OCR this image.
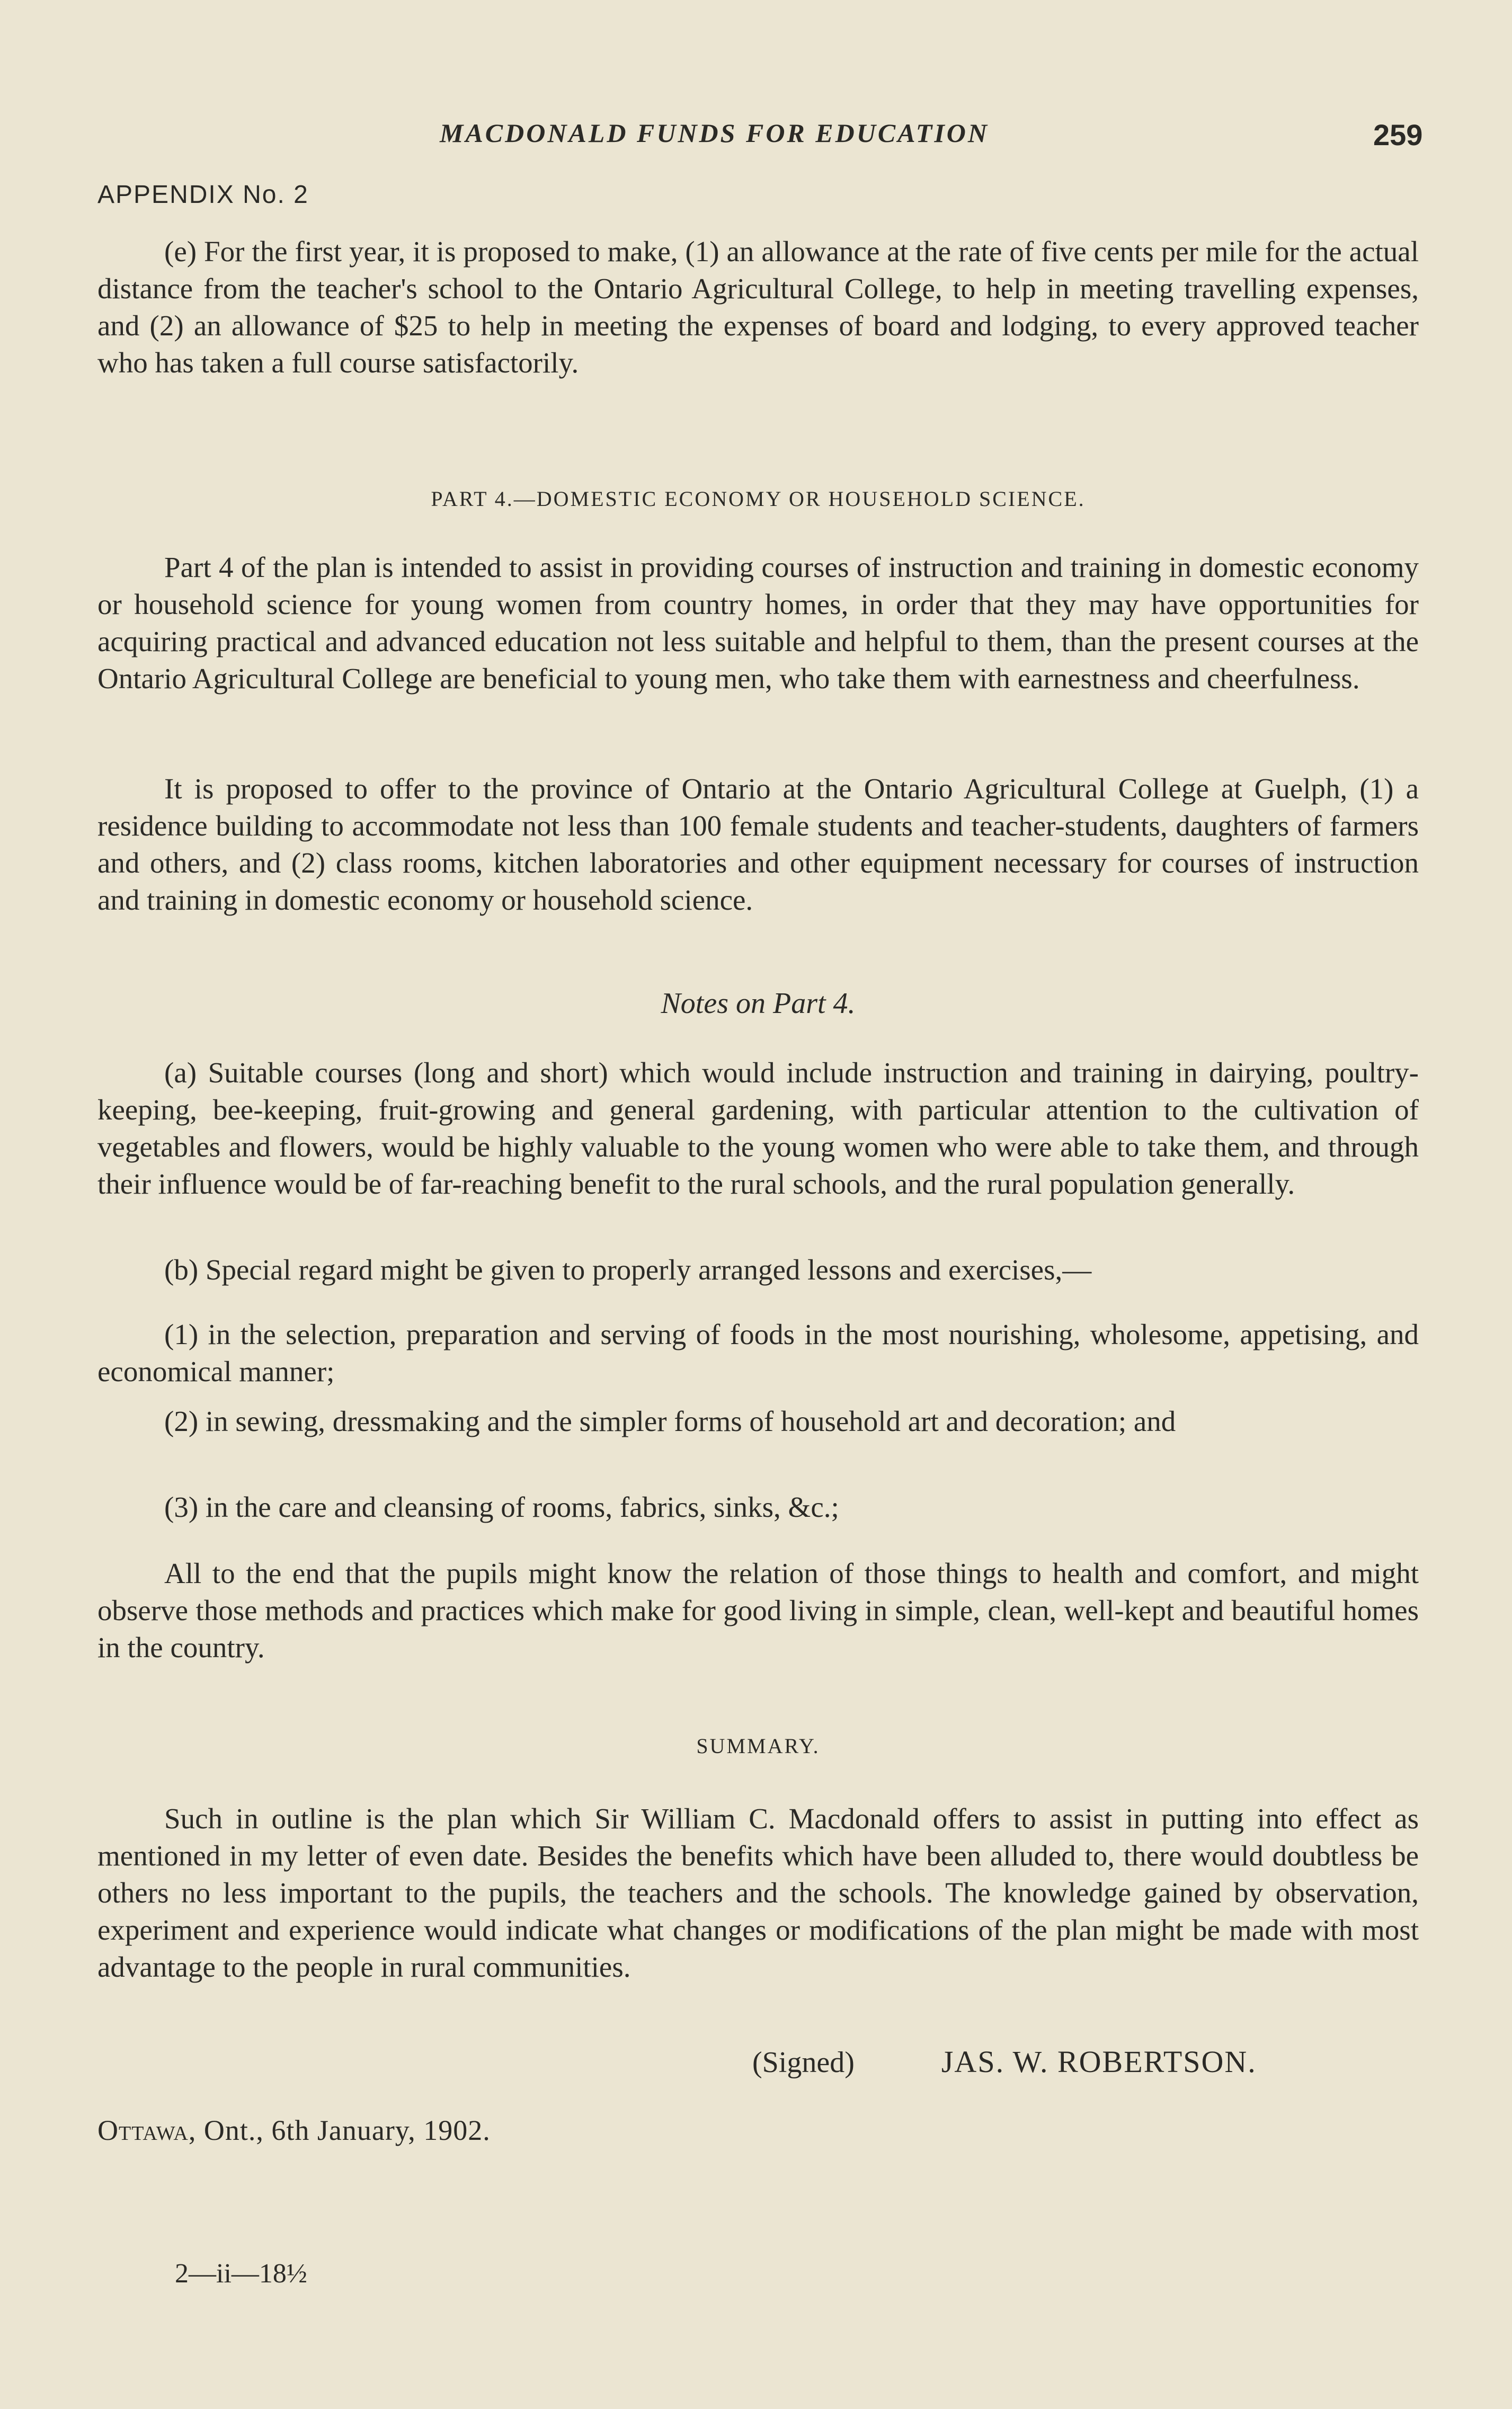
MACDONALD FUNDS FOR EDUCATION	259
APPENDIX No. 2

(e) For the first year, it is proposed to make, (1) an allowance at the rate of five cents per mile for the actual distance from the teacher's school to the Ontario Agricultural College, to help in meeting travelling expenses, and (2) an allowance of $25 to help in meeting the expenses of board and lodging, to every approved teacher who has taken a full course satisfactorily.

PART 4.—DOMESTIC ECONOMY OR HOUSEHOLD SCIENCE.

Part 4 of the plan is intended to assist in providing courses of instruction and training in domestic economy or household science for young women from country homes, in order that they may have opportunities for acquiring practical and advanced education not less suitable and helpful to them, than the present courses at the Ontario Agricultural College are beneficial to young men, who take them with earnestness and cheerfulness.

It is proposed to offer to the province of Ontario at the Ontario Agricultural College at Guelph, (1) a residence building to accommodate not less than 100 female students and teacher-students, daughters of farmers and others, and (2) class rooms, kitchen laboratories and other equipment necessary for courses of instruction and training in domestic economy or household science.

Notes on Part 4.

(a) Suitable courses (long and short) which would include instruction and training in dairying, poultry-keeping, bee-keeping, fruit-growing and general gardening, with particular attention to the cultivation of vegetables and flowers, would be highly valuable to the young women who were able to take them, and through their influence would be of far-reaching benefit to the rural schools, and the rural population generally.

(b) Special regard might be given to properly arranged lessons and exercises,—

(1) in the selection, preparation and serving of foods in the most nourishing, wholesome, appetising, and economical manner;

(2) in sewing, dressmaking and the simpler forms of household art and decoration; and

(3) in the care and cleansing of rooms, fabrics, sinks, &c.;

All to the end that the pupils might know the relation of those things to health and comfort, and might observe those methods and practices which make for good living in simple, clean, well-kept and beautiful homes in the country.

SUMMARY.

Such in outline is the plan which Sir William C. Macdonald offers to assist in putting into effect as mentioned in my letter of even date. Besides the benefits which have been alluded to, there would doubtless be others no less important to the pupils, the teachers and the schools. The knowledge gained by observation, experiment and experience would indicate what changes or modifications of the plan might be made with most advantage to the people in rural communities.

(Signed)	JAS. W. ROBERTSON.
Ottawa, Ont., 6th January, 1902.
2—ii—18½
